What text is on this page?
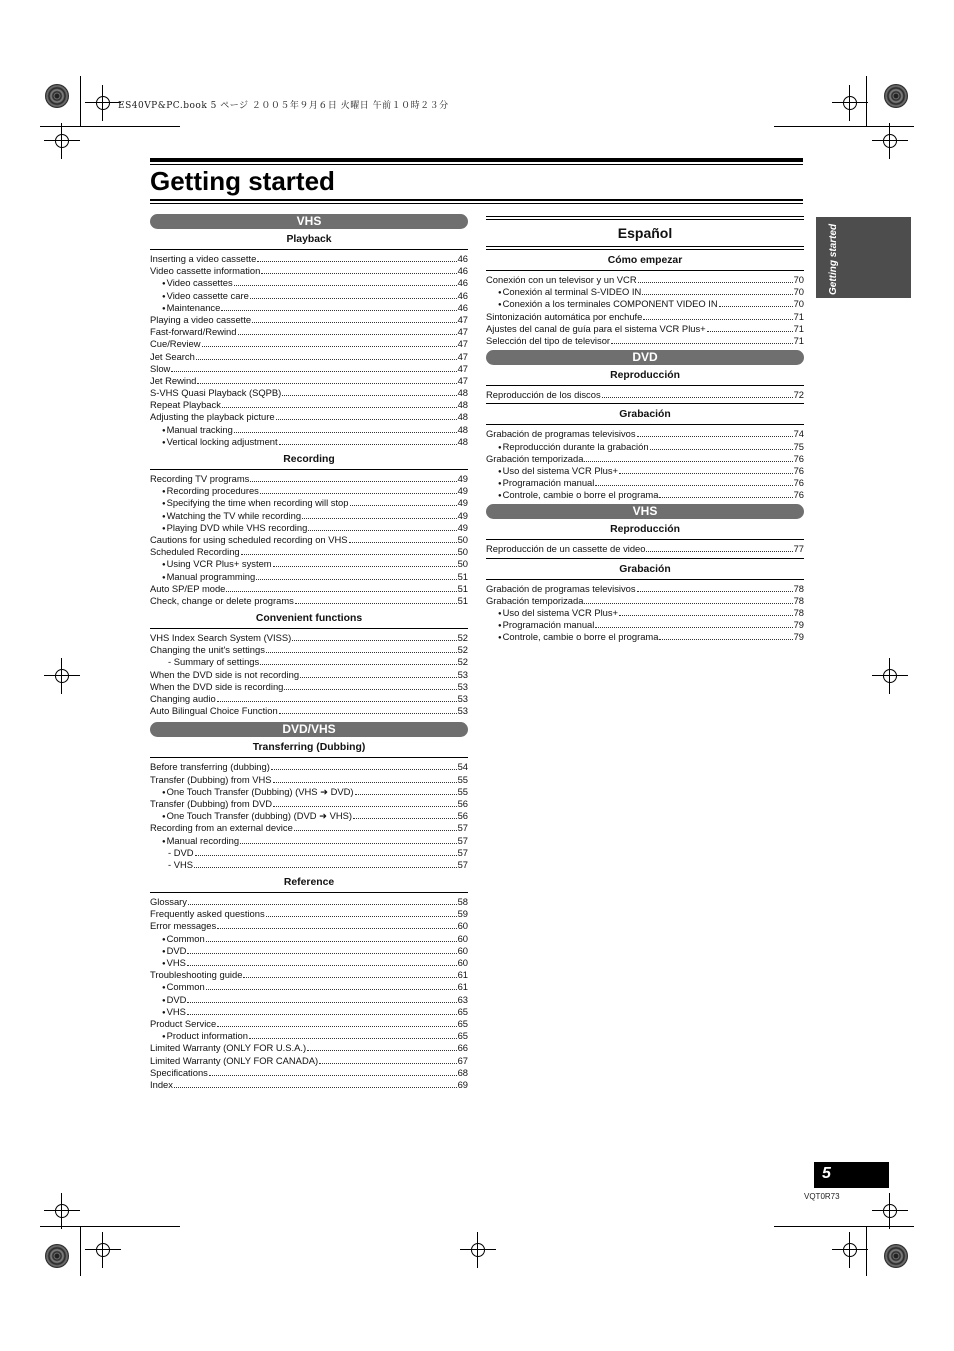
ES40VP&PC.book 5 ページ ２００５年９月６日 火曜日 午前１０時２３分
Getting started
Getting started
VHS
Playback
Inserting a video cassette	46
Video cassette information	46
● Video cassettes	46
● Video cassette care	46
● Maintenance	46
Playing a video cassette	47
Fast-forward/Rewind	47
Cue/Review	47
Jet Search	47
Slow	47
Jet Rewind	47
S-VHS Quasi Playback (SQPB)	48
Repeat Playback	48
Adjusting the playback picture	48
● Manual tracking	48
● Vertical locking adjustment	48
Recording
Recording TV programs	49
● Recording procedures	49
● Specifying the time when recording will stop	49
● Watching the TV while recording	49
● Playing DVD while VHS recording	49
Cautions for using scheduled recording on VHS	50
Scheduled Recording	50
● Using VCR Plus+ system	50
● Manual programming	51
Auto SP/EP mode	51
Check, change or delete programs	51
Convenient functions
VHS Index Search System (VISS)	52
Changing the unit's settings	52
- Summary of settings	52
When the DVD side is not recording	53
When the DVD side is recording	53
Changing audio	53
Auto Bilingual Choice Function	53
DVD/VHS
Transferring (Dubbing)
Before transferring (dubbing)	54
Transfer (Dubbing) from VHS	55
● One Touch Transfer (Dubbing) (VHS ➜ DVD)	55
Transfer (Dubbing) from DVD	56
● One Touch Transfer (dubbing) (DVD ➜ VHS)	56
Recording from an external device	57
● Manual recording	57
- DVD	57
- VHS	57
Reference
Glossary	58
Frequently asked questions	59
Error messages	60
● Common	60
● DVD	60
● VHS	60
Troubleshooting guide	61
● Common	61
● DVD	63
● VHS	65
Product Service	65
● Product information	65
Limited Warranty (ONLY FOR U.S.A.)	66
Limited Warranty (ONLY FOR CANADA)	67
Specifications	68
Index	69
Español
Cómo empezar
Conexión con un televisor y un VCR	70
● Conexión al terminal S-VIDEO IN	70
● Conexión a los terminales COMPONENT VIDEO IN	70
Sintonización automática por enchufe	71
Ajustes del canal de guía para el sistema VCR Plus+	71
Selección del tipo de televisor	71
DVD
Reproducción
Reproducción de los discos	72
Grabación
Grabación de programas televisivos	74
● Reproducción durante la grabación	75
Grabación temporizada	76
● Uso del sistema VCR Plus+	76
● Programación manual	76
● Controle, cambie o borre el programa	76
VHS
Reproducción
Reproducción de un cassette de video	77
Grabación
Grabación de programas televisivos	78
Grabación temporizada	78
● Uso del sistema VCR Plus+	78
● Programación manual	79
● Controle, cambie o borre el programa	79
5
VQT0R73
